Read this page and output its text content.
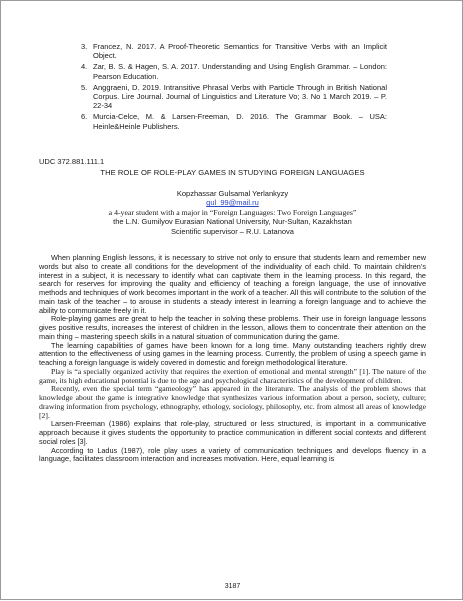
3. Francez, N. 2017. A Proof-Theoretic Semantics for Transitive Verbs with an Implicit Object.
4. Zar, B. S. & Hagen, S. A. 2017. Understanding and Using English Grammar. – London: Pearson Education.
5. Anggraeni, D. 2019. Intransitive Phrasal Verbs with Particle Through in British National Corpus. Lire Journal. Journal of Linguistics and Literature Vo; 3. No 1 March 2019. – P. 22-34
6. Murcia-Celce, M. & Larsen-Freeman, D. 2016. The Grammar Book. – USA: Heinle&Heinle Publishers.
UDC 372.881.111.1
THE ROLE OF ROLE-PLAY GAMES IN STUDYING FOREIGN LANGUAGES
Kopzhassar Gulsamal Yerlankyzy
gul_99@mail.ru
a 4-year student with a major in “Foreign Languages: Two Foreign Languages”
the L.N. Gumilyov Eurasian National University, Nur-Sultan, Kazakhstan
Scientific supervisor – R.U. Latanova

When planning English lessons, it is necessary to strive not only to ensure that students learn and remember new words but also to create all conditions for the development of the individuality of each child. To maintain children’s interest in a subject, it is necessary to identify what can captivate them in the learning process. In this regard, the search for reserves for improving the quality and efficiency of teaching a foreign language, the use of innovative methods and techniques of work becomes important in the work of a teacher. All this will contribute to the solution of the main task of the teacher – to arouse in students a steady interest in learning a foreign language and to achieve the ability to communicate freely in it.

Role-playing games are great to help the teacher in solving these problems. Their use in foreign language lessons gives positive results, increases the interest of children in the lesson, allows them to concentrate their attention on the main thing – mastering speech skills in a natural situation of communication during the game.

The learning capabilities of games have been known for a long time. Many outstanding teachers rightly drew attention to the effectiveness of using games in the learning process. Currently, the problem of using a speech game in teaching a foreign language is widely covered in domestic and foreign methodological literature.

Play is “a specially organized activity that requires the exertion of emotional and mental strength” [1]. The nature of the game, its high educational potential is due to the age and psychological characteristics of the development of children.

Recently, even the special term “gameology” has appeared in the literature. The analysis of the problem shows that knowledge about the game is integrative knowledge that synthesizes various information about a person, society, culture; drawing information from psychology, ethnography, ethology, sociology, philosophy, etc. from almost all areas of knowledge [2].

Larsen-Freeman (1986) explains that role-play, structured or less structured, is important in a communicative approach because it gives students the opportunity to practice communication in different social contexts and different social roles [3].

According to Ladus (1987), role play uses a variety of communication techniques and develops fluency in a language, facilitates classroom interaction and increases motivation. Here, equal learning is

3187
